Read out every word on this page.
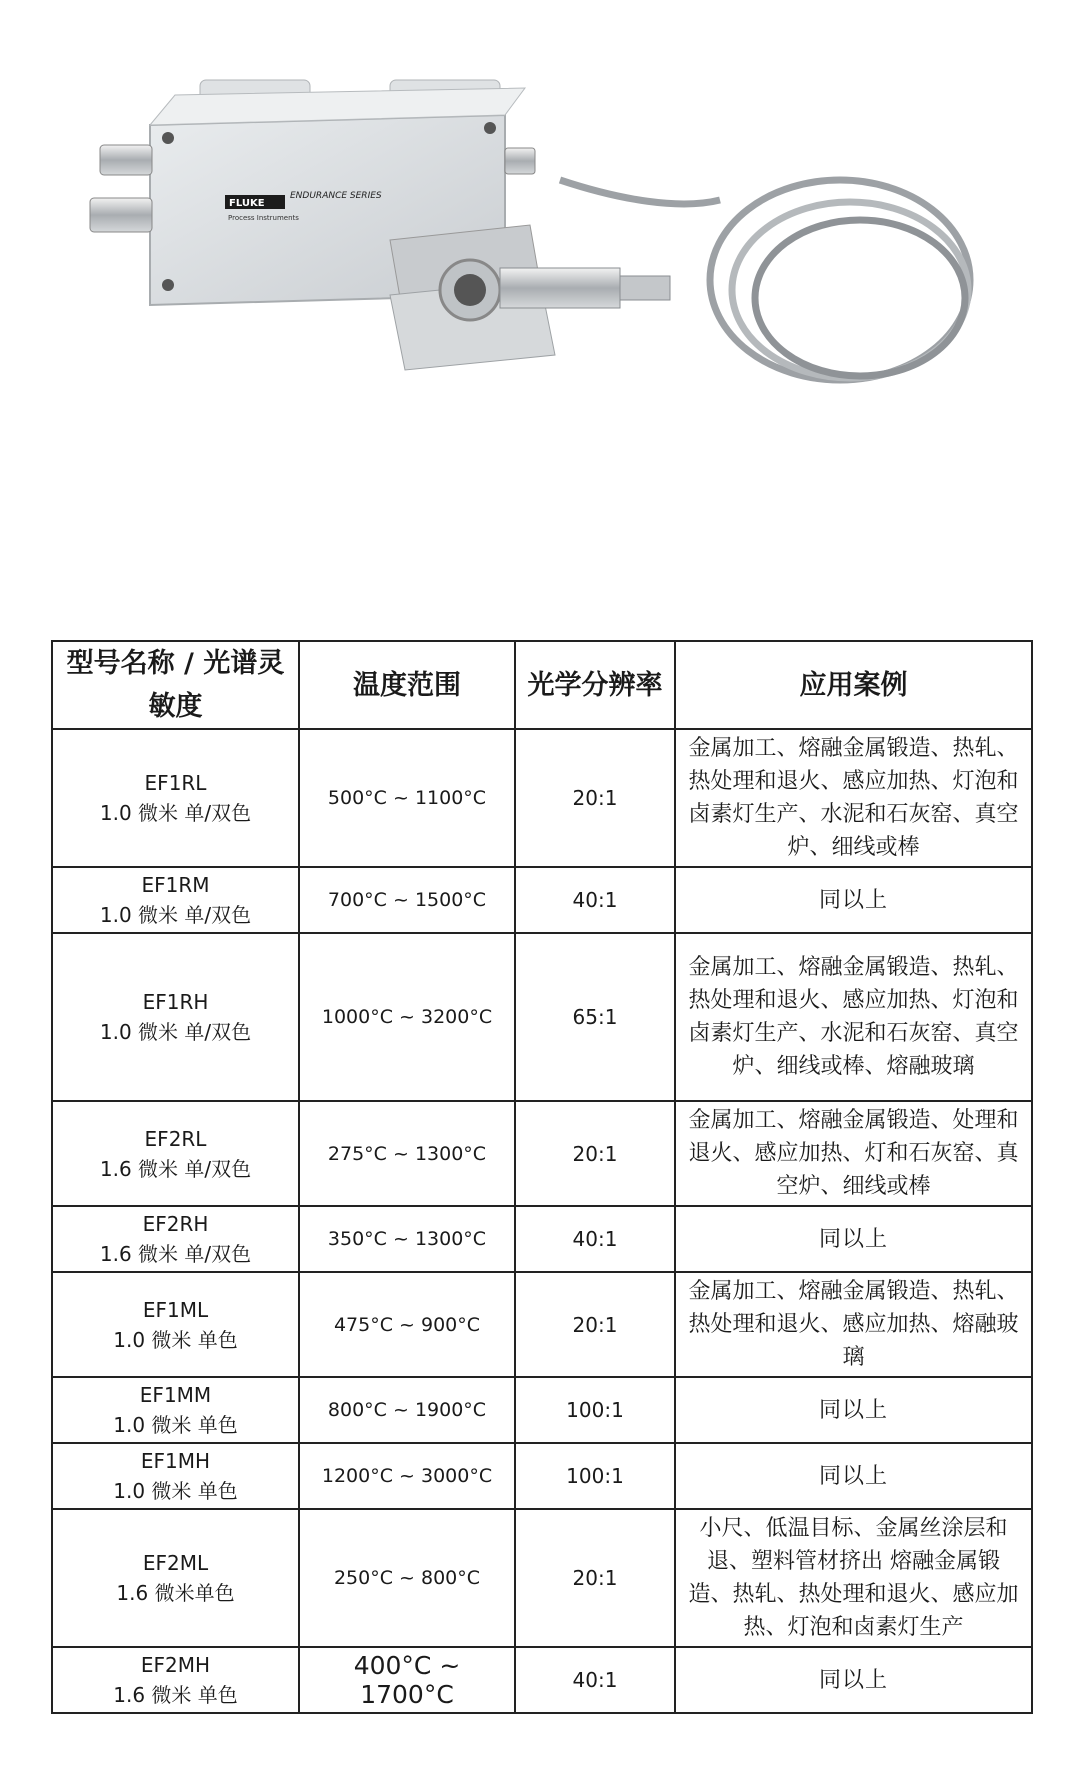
FLUKE
ENDURANCE SERIES
Process Instruments
型号名称 / 光谱灵敏度	温度范围	光学分辨率	应用案例

EF1RL
1.0 微米 单/双色	500°C ~ 1100°C	20:1	金属加工、熔融金属锻造、热轧、热处理和退火、感应加热、灯泡和卤素灯生产、水泥和石灰窑、真空炉、细线或棒

EF1RM
1.0 微米 单/双色	700°C ~ 1500°C	40:1	同以上

EF1RH
1.0 微米 单/双色	1000°C ~ 3200°C	65:1	金属加工、熔融金属锻造、热轧、热处理和退火、感应加热、灯泡和卤素灯生产、水泥和石灰窑、真空炉、细线或棒、熔融玻璃

EF2RL
1.6 微米 单/双色	275°C ~ 1300°C	20:1	金属加工、熔融金属锻造、处理和退火、感应加热、灯和石灰窑、真空炉、细线或棒

EF2RH
1.6 微米 单/双色	350°C ~ 1300°C	40:1	同以上

EF1ML
1.0 微米 单色	475°C ~ 900°C	20:1	金属加工、熔融金属锻造、热轧、热处理和退火、感应加热、熔融玻璃

EF1MM
1.0 微米 单色	800°C ~ 1900°C	100:1	同以上

EF1MH
1.0 微米 单色	1200°C ~ 3000°C	100:1	同以上

EF2ML
1.6 微米单色	250°C ~ 800°C	20:1	小尺、低温目标、金属丝涂层和退、塑料管材挤出 熔融金属锻造、热轧、热处理和退火、感应加热、灯泡和卤素灯生产

EF2MH
1.6 微米 单色	400°C ~ 1700°C	40:1	同以上
